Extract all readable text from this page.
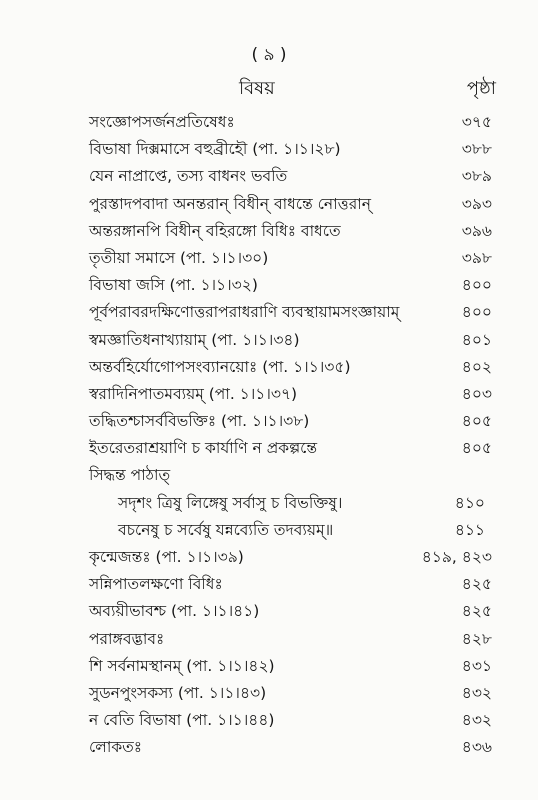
( ৯ )
বিষয়	পৃষ্ঠা
সংজ্ঞোপসর্জনপ্রতিষেধঃ	৩৭৫
বিভাষা দিক্সমাসে বহুব্রীহৌ (পা. ১।১।২৮)	৩৮৮
যেন নাপ্রাপ্তে, তস্য বাধনং ভবতি	৩৮৯
পুরস্তাদপবাদা অনন্তরান্ বিধীন্ বাধন্তে নোত্তরান্	৩৯৩
অন্তরঙ্গানপি বিধীন্ বহিরঙ্গো বিধিঃ বাধতে	৩৯৬
তৃতীয়া সমাসে (পা. ১।১।৩০)	৩৯৮
বিভাষা জসি (পা. ১।১।৩২)	৪০০
পূর্বপরাবরদক্ষিণোত্তরাপরাধরাণি ব্যবস্থায়ামসংজ্ঞায়াম্	৪০০
স্বমজ্ঞাতিধনাখ্যায়াম্ (পা. ১।১।৩৪)	৪০১
অন্তর্বহির্যোগোপসংব্যানয়োঃ (পা. ১।১।৩৫)	৪০২
স্বরাদিনিপাতমব্যয়ম্ (পা. ১।১।৩৭)	৪০৩
তদ্ধিতশ্চাসর্ববিভক্তিঃ (পা. ১।১।৩৮)	৪০৫
ইতরেতরাশ্রয়াণি চ কার্যাণি ন প্রকল্পন্তে	৪০৫
সিদ্ধন্ত পাঠাত্
সদৃশং ত্রিষু লিঙ্গেষু সর্বাসু চ বিভক্তিষু।	৪১০
বচনেষু চ সর্বেষু যন্নব্যেতি তদব্যয়ম্॥	৪১১
কৃন্মেজন্তঃ (পা. ১।১।৩৯)	৪১৯, ৪২৩
সন্নিপাতলক্ষণো বিধিঃ	৪২৫
অব্যয়ীভাবশ্চ (পা. ১।১।৪১)	৪২৫
পরাঙ্গবদ্ভাবঃ	৪২৮
শি সর্বনামস্থানম্ (পা. ১।১।৪২)	৪৩১
সুডনপুংসকস্য (পা. ১।১।৪৩)	৪৩২
ন বেতি বিভাষা (পা. ১।১।৪৪)	৪৩২
লোকতঃ	৪৩৬
